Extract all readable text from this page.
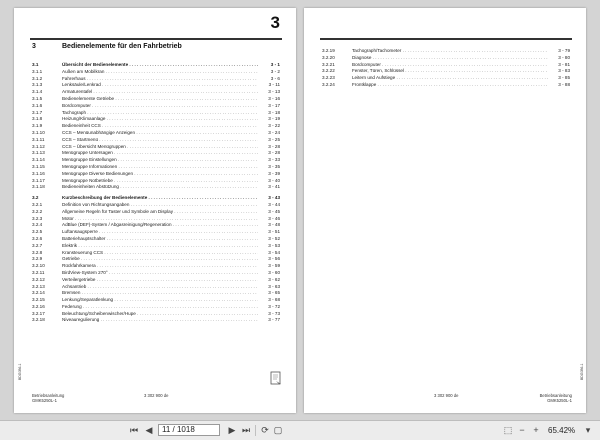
3
3	Bedienelemente für den Fahrbetrieb
3.1	Übersicht der Bedienelemente . . .	3 - 1
3.1.1	Außen am Mobilkran . . .	3 - 2
3.1.2	Fahrerhaus . . .	3 - 6
3.1.3	Lenksäule/Lenkrad . . .	3 - 11
3.1.4	Armaturentafel . . .	3 - 13
3.1.5	Bedienelemente Getriebe . . .	3 - 16
3.1.6	Bordcomputer . . .	3 - 17
3.1.7	Tachograph . . .	3 - 18
3.1.8	Heizung/Klimaanlage . . .	3 - 19
3.1.9	Bedieneinheit CCS . . .	3 - 22
3.1.10	CCS – Menüunabhängige Anzeigen . . .	3 - 24
3.1.11	CCS – Startmenü . . .	3 - 25
3.1.12	CCS – Übersicht Menügruppen . . .	3 - 28
3.1.13	Menügruppe Untersagen . . .	3 - 28
3.1.14	Menügruppe Einstellungen . . .	3 - 33
3.1.15	Menügruppe Informationen . . .	3 - 35
3.1.16	Menügruppe Diverse Bedienungen . . .	3 - 39
3.1.17	Menügruppe Notbetriebe . . .	3 - 40
3.1.18	Bedieneinheiten Abstützung . . .	3 - 41
3.2	Kurzbeschreibung der Bedienelemente . . .	3 - 43
3.2.1	Definition von Richtungsangaben . . .	3 - 44
3.2.2	Allgemeine Regeln für Taster und Symbole am Display . . .	3 - 45
3.2.3	Motor . . .	3 - 46
3.2.4	AdBlue (DEF)-System / Abgasreinigung/Regeneration . . .	3 - 48
3.2.5	Luftansaugsperre . . .	3 - 51
3.2.6	Batteriehauptschalter . . .	3 - 52
3.2.7	Elektrik . . .	3 - 53
3.2.8	Kransteuerung CCS . . .	3 - 54
3.2.9	Getriebe . . .	3 - 56
3.2.10	Rückfahrkamera . . .	3 - 59
3.2.11	BirdView-System 270° . . .	3 - 60
3.2.12	Verteilergetriebe . . .	3 - 62
3.2.13	Achsantrieb . . .	3 - 63
3.2.14	Bremsen . . .	3 - 65
3.2.15	Lenkung/Separatlenkung . . .	3 - 68
3.2.16	Federung . . .	3 - 72
3.2.17	Beleuchtung/Scheibenwischer/Hupe . . .	3 - 73
3.2.18	Niveauregulierung . . .	3 - 77
BDG0B6-1
Betriebsanleitung
GMK5250L-1
3 302 900 de
3.2.19	Tachograph/Tachometer . . .	3 - 79
3.2.20	Diagnose . . .	3 - 80
3.2.21	Bordcomputer . . .	3 - 81
3.2.22	Fenster, Türen, Schlüssel . . .	3 - 83
3.2.23	Leitern und Aufstiege . . .	3 - 85
3.2.24	Frontklappe . . .	3 - 88
BDG0B6-1
3 302 900 de	Betriebsanleitung
GMK5250L-1
⏮ ◀
11 / 1018	▶ ⏭ ⟳ ▢	⬚ − +	65.42%	▾
